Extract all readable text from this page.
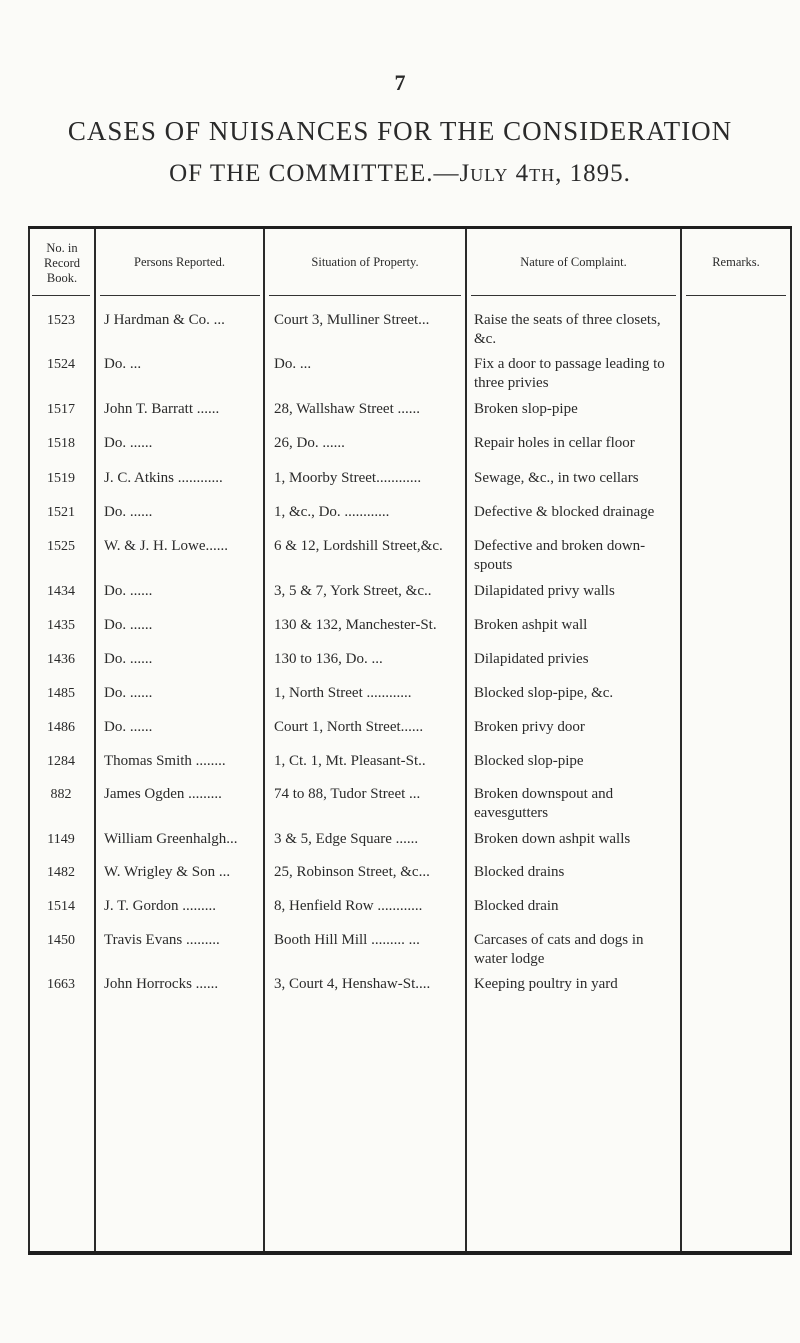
7
CASES OF NUISANCES FOR THE CONSIDERATION
OF THE COMMITTEE.—July 4th, 1895.
No. in Record Book.
Persons Reported.	Situation of Property.	Nature of Complaint.	Remarks.
1523	J Hardman & Co. ...	Court 3, Mulliner Street...	Raise the seats of three closets, &c.
1524	Do. ...	Do. ...	Fix a door to passage leading to three privies
1517	John T. Barratt ......	28, Wallshaw Street ......	Broken slop-pipe
1518	Do. ......	26, Do. ......	Repair holes in cellar floor
1519	J. C. Atkins ............	1, Moorby Street............	Sewage, &c., in two cellars
1521	Do. ......	1, &c., Do. ............	Defective & blocked drainage
1525	W. & J. H. Lowe......	6 & 12, Lordshill Street,&c.	Defective and broken down-spouts
1434	Do. ......	3, 5 & 7, York Street, &c..	Dilapidated privy walls
1435	Do. ......	130 & 132, Manchester-St.	Broken ashpit wall
1436	Do. ......	130 to 136, Do. ...	Dilapidated privies
1485	Do. ......	1, North Street ............	Blocked slop-pipe, &c.
1486	Do. ......	Court 1, North Street......	Broken privy door
1284	Thomas Smith ........	1, Ct. 1, Mt. Pleasant-St..	Blocked slop-pipe
882	James Ogden .........	74 to 88, Tudor Street ...	Broken downspout and eavesgutters
1149	William Greenhalgh...	3 & 5, Edge Square ......	Broken down ashpit walls
1482	W. Wrigley & Son ...	25, Robinson Street, &c...	Blocked drains
1514	J. T. Gordon .........	8, Henfield Row ............	Blocked drain
1450	Travis Evans .........	Booth Hill Mill ......... ...	Carcases of cats and dogs in water lodge
1663	John Horrocks ......	3, Court 4, Henshaw-St....	Keeping poultry in yard
